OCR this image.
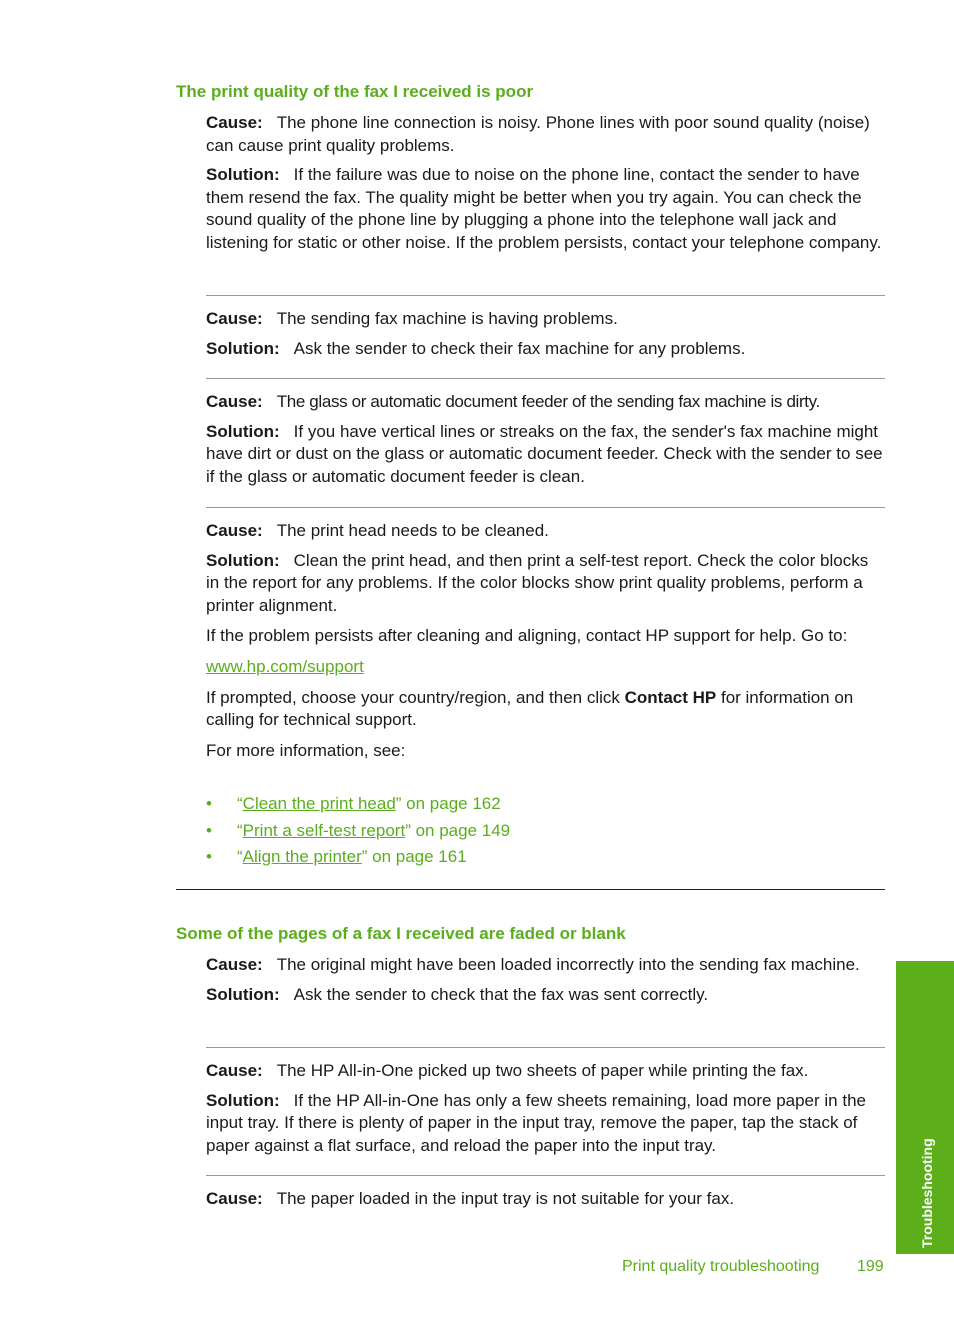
The print quality of the fax I received is poor

Cause: The phone line connection is noisy. Phone lines with poor sound quality (noise) can cause print quality problems.

Solution: If the failure was due to noise on the phone line, contact the sender to have them resend the fax. The quality might be better when you try again. You can check the sound quality of the phone line by plugging a phone into the telephone wall jack and listening for static or other noise. If the problem persists, contact your telephone company.

Cause: The sending fax machine is having problems.

Solution: Ask the sender to check their fax machine for any problems.

Cause: The glass or automatic document feeder of the sending fax machine is dirty.

Solution: If you have vertical lines or streaks on the fax, the sender's fax machine might have dirt or dust on the glass or automatic document feeder. Check with the sender to see if the glass or automatic document feeder is clean.

Cause: The print head needs to be cleaned.

Solution: Clean the print head, and then print a self-test report. Check the color blocks in the report for any problems. If the color blocks show print quality problems, perform a printer alignment.

If the problem persists after cleaning and aligning, contact HP support for help. Go to:

www.hp.com/support

If prompted, choose your country/region, and then click Contact HP for information on calling for technical support.

For more information, see:

• “Clean the print head” on page 162
• “Print a self-test report” on page 149
• “Align the printer” on page 161
Some of the pages of a fax I received are faded or blank

Cause: The original might have been loaded incorrectly into the sending fax machine.

Solution: Ask the sender to check that the fax was sent correctly.

Cause: The HP All-in-One picked up two sheets of paper while printing the fax.

Solution: If the HP All-in-One has only a few sheets remaining, load more paper in the input tray. If there is plenty of paper in the input tray, remove the paper, tap the stack of paper against a flat surface, and reload the paper into the input tray.

Cause: The paper loaded in the input tray is not suitable for your fax.	Troubleshooting
Print quality troubleshooting 199
